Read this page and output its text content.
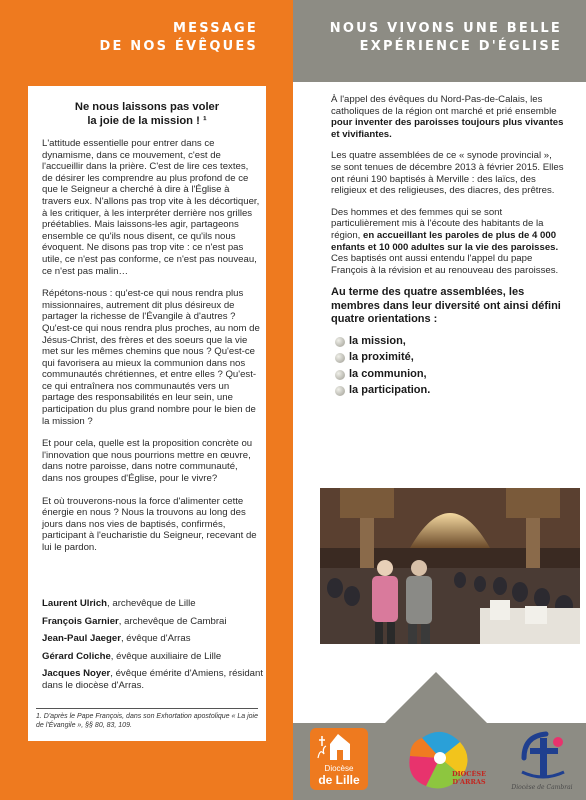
MESSAGE
DE NOS ÉVÊQUES
NOUS VIVONS UNE BELLE
EXPÉRIENCE D'ÉGLISE
Ne nous laissons pas voler
la joie de la mission ! ¹

L'attitude essentielle pour entrer dans ce dynamisme, dans ce mouvement, c'est de l'accueillir dans la prière. C'est de lire ces textes, de désirer les comprendre au plus profond de ce que le Seigneur a cherché à dire à l'Église à travers eux. N'allons pas trop vite à les décortiquer, à les critiquer, à les interpréter derrière nos grilles préétablies. Mais laissons-les agir, partageons ensemble ce qu'ils nous disent, ce qu'ils nous évoquent. Ne disons pas trop vite : ce n'est pas utile, ce n'est pas conforme, ce n'est pas nouveau, ce n'est pas malin…

Répétons-nous : qu'est-ce qui nous rendra plus missionnaires, autrement dit plus désireux de partager la richesse de l'Évangile à d'autres ? Qu'est-ce qui nous rendra plus proches, au nom de Jésus-Christ, des frères et des soeurs que la vie met sur les mêmes chemins que nous ? Qu'est-ce qui favorisera au mieux la communion dans nos communautés chrétiennes, et entre elles ? Qu'est-ce qui entraînera nos communautés vers un partage des responsabilités en leur sein, une participation du plus grand nombre pour le bien de la mission ?

Et pour cela, quelle est la proposition concrète ou l'innovation que nous pourrions mettre en œuvre, dans notre paroisse, dans notre communauté, dans nos groupes d'Église, pour le vivre?

Et où trouverons-nous la force d'alimenter cette énergie en nous ? Nous la trouvons au long des jours dans nos vies de baptisés, confirmés, participant à l'eucharistie du Seigneur, recevant de lui le pardon.

Laurent Ulrich, archevêque de Lille
François Garnier, archevêque de Cambrai
Jean-Paul Jaeger, évêque d'Arras
Gérard Coliche, évêque auxiliaire de Lille
Jacques Noyer, évêque émérite d'Amiens, résidant dans le diocèse d'Arras.
1. D'après le Pape François, dans son Exhortation apostolique « La joie de l'Évangile », §§ 80, 83, 109.

À l'appel des évêques du Nord-Pas-de-Calais, les catholiques de la région ont marché et prié ensemble pour inventer des paroisses toujours plus vivantes et vivifiantes.

Les quatre assemblées de ce « synode provincial », se sont tenues de décembre 2013 à février 2015. Elles ont réuni 190 baptisés à Merville : des laïcs, des religieux et des religieuses, des diacres, des prêtres.

Des hommes et des femmes qui se sont particulièrement mis à l'écoute des habitants de la région, en accueillant les paroles de plus de 4 000 enfants et 10 000 adultes sur la vie des paroisses. Ces baptisés ont aussi entendu l'appel du pape François à la révision et au renouveau des paroisses.

Au terme des quatre assemblées, les membres dans leur diversité ont ainsi défini quatre orientations :
la mission,
la proximité,
la communion,
la participation.
Diocèse
de Lille	DIOCÈSE
D'ARRAS
Diocèse de Cambrai
